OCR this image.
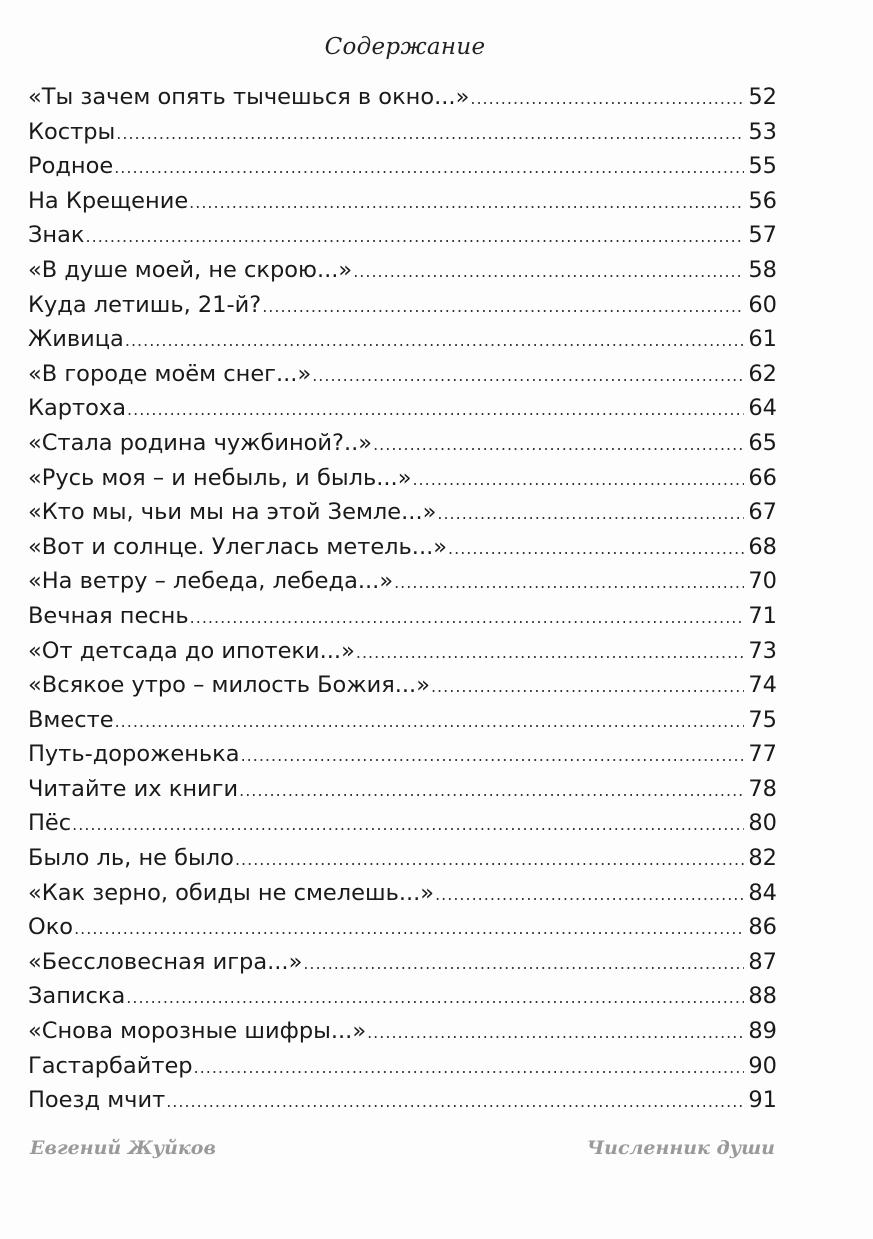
Содержание
«Ты зачем опять тычешься в окно...» .....	52
Костры .....	53
Родное .....	55
На Крещение .....	56
Знак .....	57
«В душе моей, не скрою...» .....	58
Куда летишь, 21-й? .....	60
Живица .....	61
«В городе моём снег...» .....	62
Картоха .....	64
«Стала родина чужбиной?..» .....	65
«Русь моя – и небыль, и быль...» .....	66
«Кто мы, чьи мы на этой Земле...» .....	67
«Вот и солнце. Улеглась метель...» .....	68
«На ветру – лебеда, лебеда...» .....	70
Вечная песнь .....	71
«От детсада до ипотеки...» .....	73
«Всякое утро – милость Божия...» .....	74
Вместе .....	75
Путь-дороженька .....	77
Читайте их книги .....	78
Пёс .....	80
Было ль, не было .....	82
«Как зерно, обиды не смелешь...» .....	84
Око .....	86
«Бессловесная игра...» .....	87
Записка .....	88
«Снова морозные шифры...» .....	89
Гастарбайтер .....	90
Поезд мчит .....	91
Евгений Жуйков	Численник души
